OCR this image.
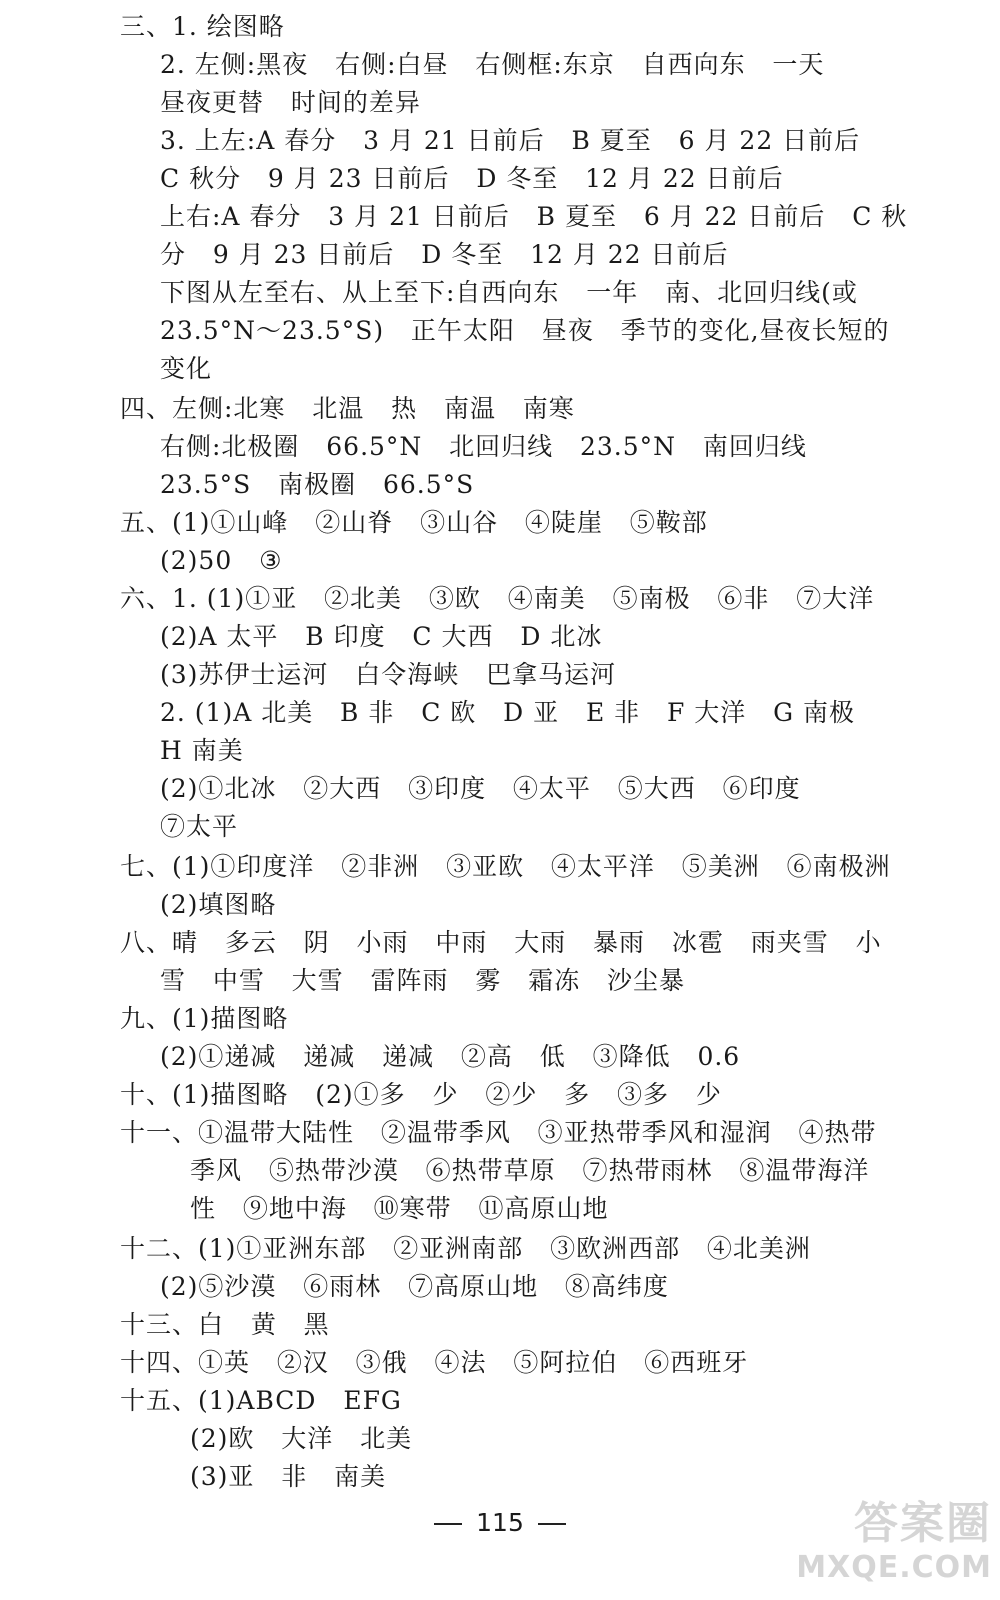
三、1. 绘图略
2. 左侧:黑夜   右侧:白昼   右侧框:东京   自西向东   一天
昼夜更替   时间的差异
3. 上左:A 春分   3 月 21 日前后   B 夏至   6 月 22 日前后
C 秋分   9 月 23 日前后   D 冬至   12 月 22 日前后
上右:A 春分   3 月 21 日前后   B 夏至   6 月 22 日前后   C 秋
分   9 月 23 日前后   D 冬至   12 月 22 日前后
下图从左至右、从上至下:自西向东   一年   南、北回归线(或
23.5°N～23.5°S)   正午太阳   昼夜   季节的变化,昼夜长短的
变化
四、左侧:北寒   北温   热   南温   南寒
右侧:北极圈   66.5°N   北回归线   23.5°N   南回归线
23.5°S   南极圈   66.5°S
五、(1)①山峰   ②山脊   ③山谷   ④陡崖   ⑤鞍部
(2)50   ③
六、1. (1)①亚   ②北美   ③欧   ④南美   ⑤南极   ⑥非   ⑦大洋
(2)A 太平   B 印度   C 大西   D 北冰
(3)苏伊士运河   白令海峡   巴拿马运河
2. (1)A 北美   B 非   C 欧   D 亚   E 非   F 大洋   G 南极
H 南美
(2)①北冰   ②大西   ③印度   ④太平   ⑤大西   ⑥印度
⑦太平
七、(1)①印度洋   ②非洲   ③亚欧   ④太平洋   ⑤美洲   ⑥南极洲
(2)填图略
八、晴   多云   阴   小雨   中雨   大雨   暴雨   冰雹   雨夹雪   小
雪   中雪   大雪   雷阵雨   雾   霜冻   沙尘暴
九、(1)描图略
(2)①递减   递减   递减   ②高   低   ③降低   0.6
十、(1)描图略   (2)①多   少   ②少   多   ③多   少
十一、①温带大陆性   ②温带季风   ③亚热带季风和湿润   ④热带
季风   ⑤热带沙漠   ⑥热带草原   ⑦热带雨林   ⑧温带海洋
性   ⑨地中海   ⑩寒带   ⑪高原山地
十二、(1)①亚洲东部   ②亚洲南部   ③欧洲西部   ④北美洲
(2)⑤沙漠   ⑥雨林   ⑦高原山地   ⑧高纬度
十三、白   黄   黑
十四、①英   ②汉   ③俄   ④法   ⑤阿拉伯   ⑥西班牙
十五、(1)ABCD   EFG
(2)欧   大洋   北美
(3)亚   非   南美
115	答案圈
MXQE.COM
